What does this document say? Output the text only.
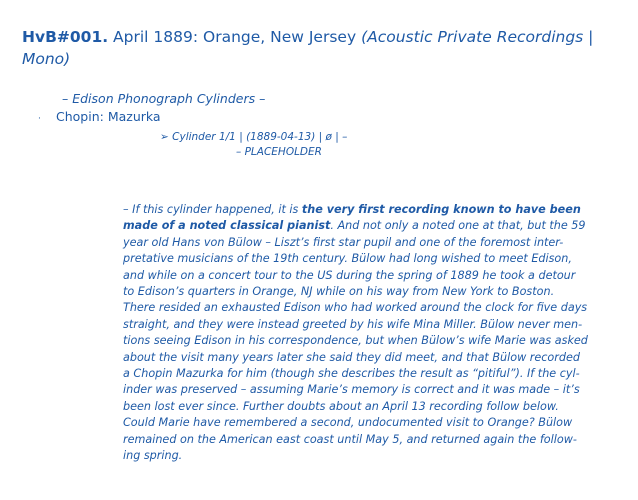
HvB#001. April 1889: Orange, New Jersey (Acoustic Private Recordings |
Mono)
– Edison Phonograph Cylinders –
· Chopin: Mazurka
➢ Cylinder 1/1 | (1889-04-13) | ø | –
– PLACEHOLDER
– If this cylinder happened, it is the very first recording known to have been
made of a noted classical pianist. And not only a noted one at that, but the 59
year old Hans von Bülow – Liszt’s first star pupil and one of the foremost inter-
pretative musicians of the 19th century. Bülow had long wished to meet Edison,
and while on a concert tour to the US during the spring of 1889 he took a detour
to Edison’s quarters in Orange, NJ while on his way from New York to Boston.
There resided an exhausted Edison who had worked around the clock for five days
straight, and they were instead greeted by his wife Mina Miller. Bülow never men-
tions seeing Edison in his correspondence, but when Bülow’s wife Marie was asked
about the visit many years later she said they did meet, and that Bülow recorded
a Chopin Mazurka for him (though she describes the result as “pitiful”). If the cyl-
inder was preserved – assuming Marie’s memory is correct and it was made – it’s
been lost ever since. Further doubts about an April 13 recording follow below.
Could Marie have remembered a second, undocumented visit to Orange? Bülow
remained on the American east coast until May 5, and returned again the follow-
ing spring.
